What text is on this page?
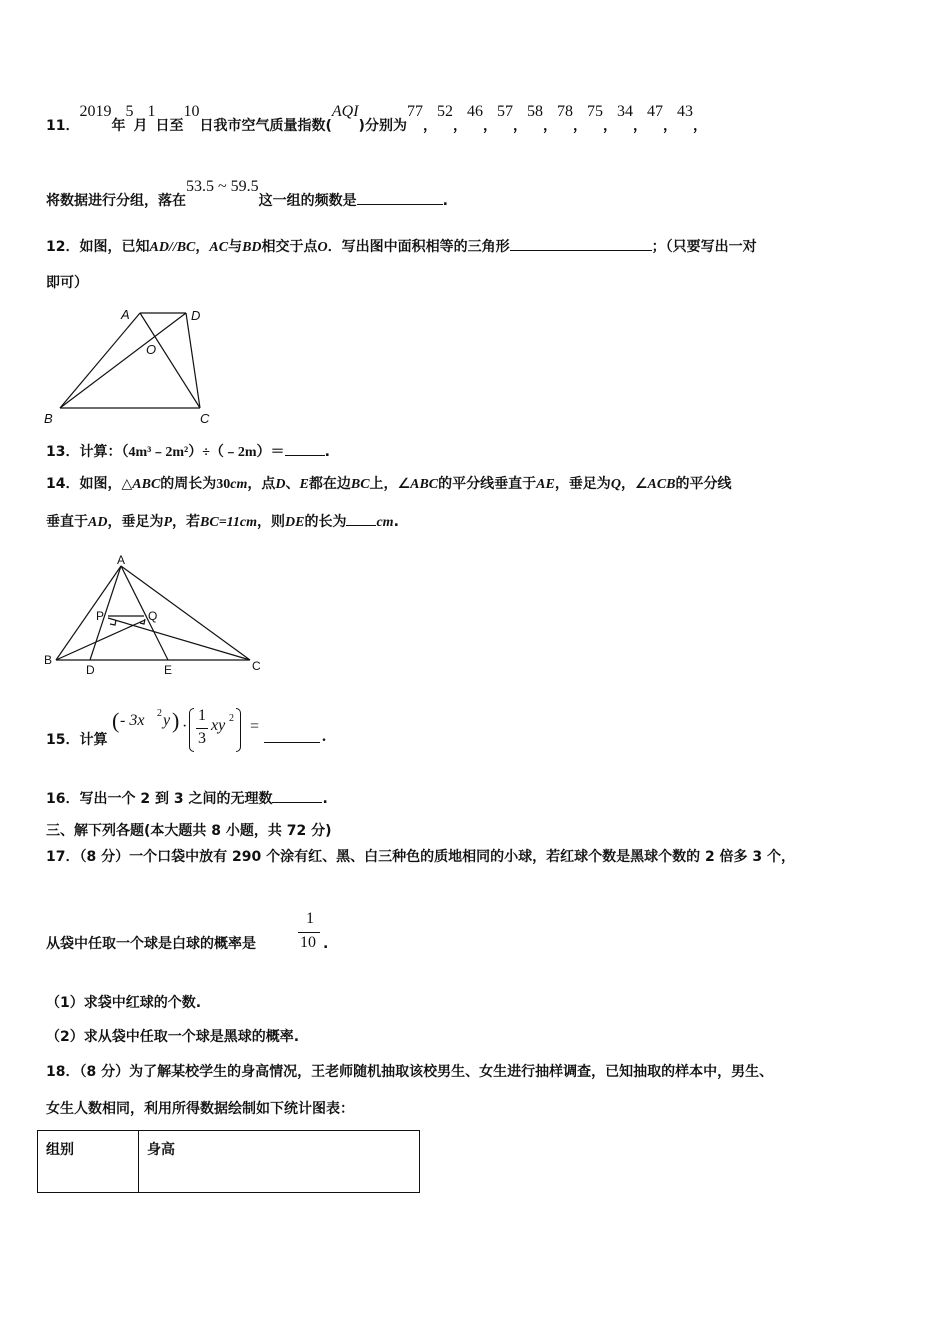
11．2019年5月1日至10日我市空气质量指数(AQI)分别为77，52，46，57，58，78，75，34，47，43，
将数据进行分组，落在53.5 ~ 59.5这一组的频数是	.
12．如图，已知AD//BC，AC与BD相交于点O．写出图中面积相等的三角形	；（只要写出一对
即可）
A	D
O
B	C
13．计算：（4m³﹣2m²）÷（﹣2m）＝	.
14．如图，△ABC的周长为30cm，点D、E都在边BC上，∠ABC的平分线垂直于AE，垂足为Q，∠ACB的平分线
垂直于AD，垂足为P，若BC=11cm，则DE的长为 cm.
A
P	Q
B
D	E	C
15．计算
( - 3x 2 y ) ·
1
3
xy 2 =
.
16．写出一个 2 到 3 之间的无理数	.
三、解下列各题(本大题共 8 小题，共 72 分)
17．（8 分）一个口袋中放有 290 个涂有红、黑、白三种色的质地相同的小球，若红球个数是黑球个数的 2 倍多 3 个，
从袋中任取一个球是白球的概率是
1
10 .
（1）求袋中红球的个数.
（2）求从袋中任取一个球是黑球的概率.
18．（8 分）为了解某校学生的身高情况，王老师随机抽取该校男生、女生进行抽样调查，已知抽取的样本中，男生、
女生人数相同，利用所得数据绘制如下统计图表：
组别	身高
